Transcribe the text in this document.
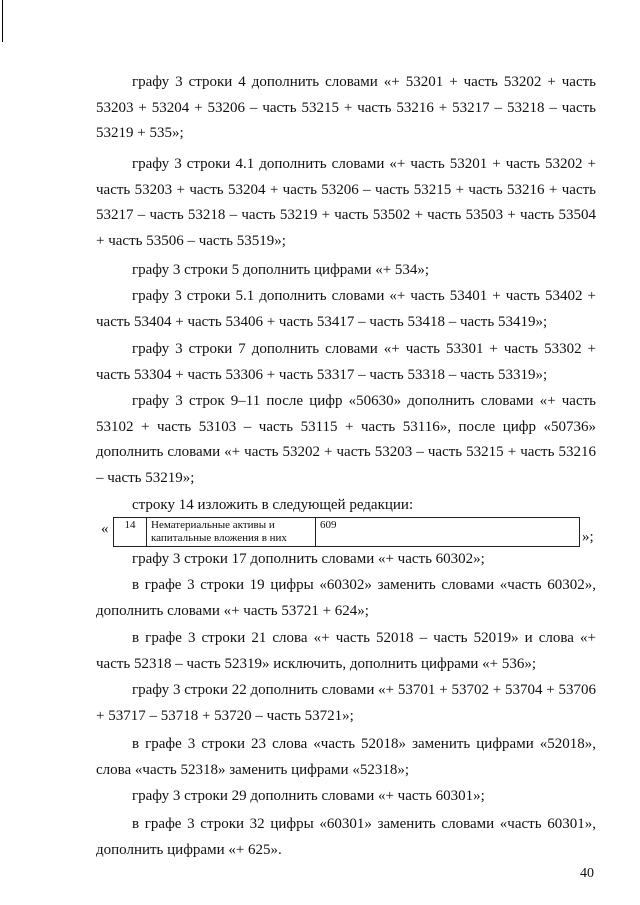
графу 3 строки 4 дополнить словами «+ 53201 + часть 53202 + часть 53203 + 53204 + 53206 – часть 53215 + часть 53216 + 53217 – 53218 – часть 53219 + 535»;

графу 3 строки 4.1 дополнить словами «+ часть 53201 + часть 53202 + часть 53203 + часть 53204 + часть 53206 – часть 53215 + часть 53216 + часть 53217 – часть 53218 – часть 53219 + часть 53502 + часть 53503 + часть 53504 + часть 53506 – часть 53519»;

графу 3 строки 5 дополнить цифрами «+ 534»;

графу 3 строки 5.1 дополнить словами «+ часть 53401 + часть 53402 + часть 53404 + часть 53406 + часть 53417 – часть 53418 – часть 53419»;

графу 3 строки 7 дополнить словами «+ часть 53301 + часть 53302 + часть 53304 + часть 53306 + часть 53317 – часть 53318 – часть 53319»;

графу 3 строк 9–11 после цифр «50630» дополнить словами «+ часть 53102 + часть 53103 – часть 53115 + часть 53116», после цифр «50736» дополнить словами «+ часть 53202 + часть 53203 – часть 53215 + часть 53216 – часть 53219»;

строку 14 изложить в следующей редакции:

« 14	Нематериальные активы и капитальные вложения в них	609
»;

графу 3 строки 17 дополнить словами «+ часть 60302»;

в графе 3 строки 19 цифры «60302» заменить словами «часть 60302», дополнить словами «+ часть 53721 + 624»;

в графе 3 строки 21 слова «+ часть 52018 – часть 52019» и слова «+ часть 52318 – часть 52319» исключить, дополнить цифрами «+ 536»;

графу 3 строки 22 дополнить словами «+ 53701 + 53702 + 53704 + 53706 + 53717 – 53718 + 53720 – часть 53721»;

в графе 3 строки 23 слова «часть 52018» заменить цифрами «52018», слова «часть 52318» заменить цифрами «52318»;

графу 3 строки 29 дополнить словами «+ часть 60301»;

в графе 3 строки 32 цифры «60301» заменить словами «часть 60301», дополнить цифрами «+ 625».

40
